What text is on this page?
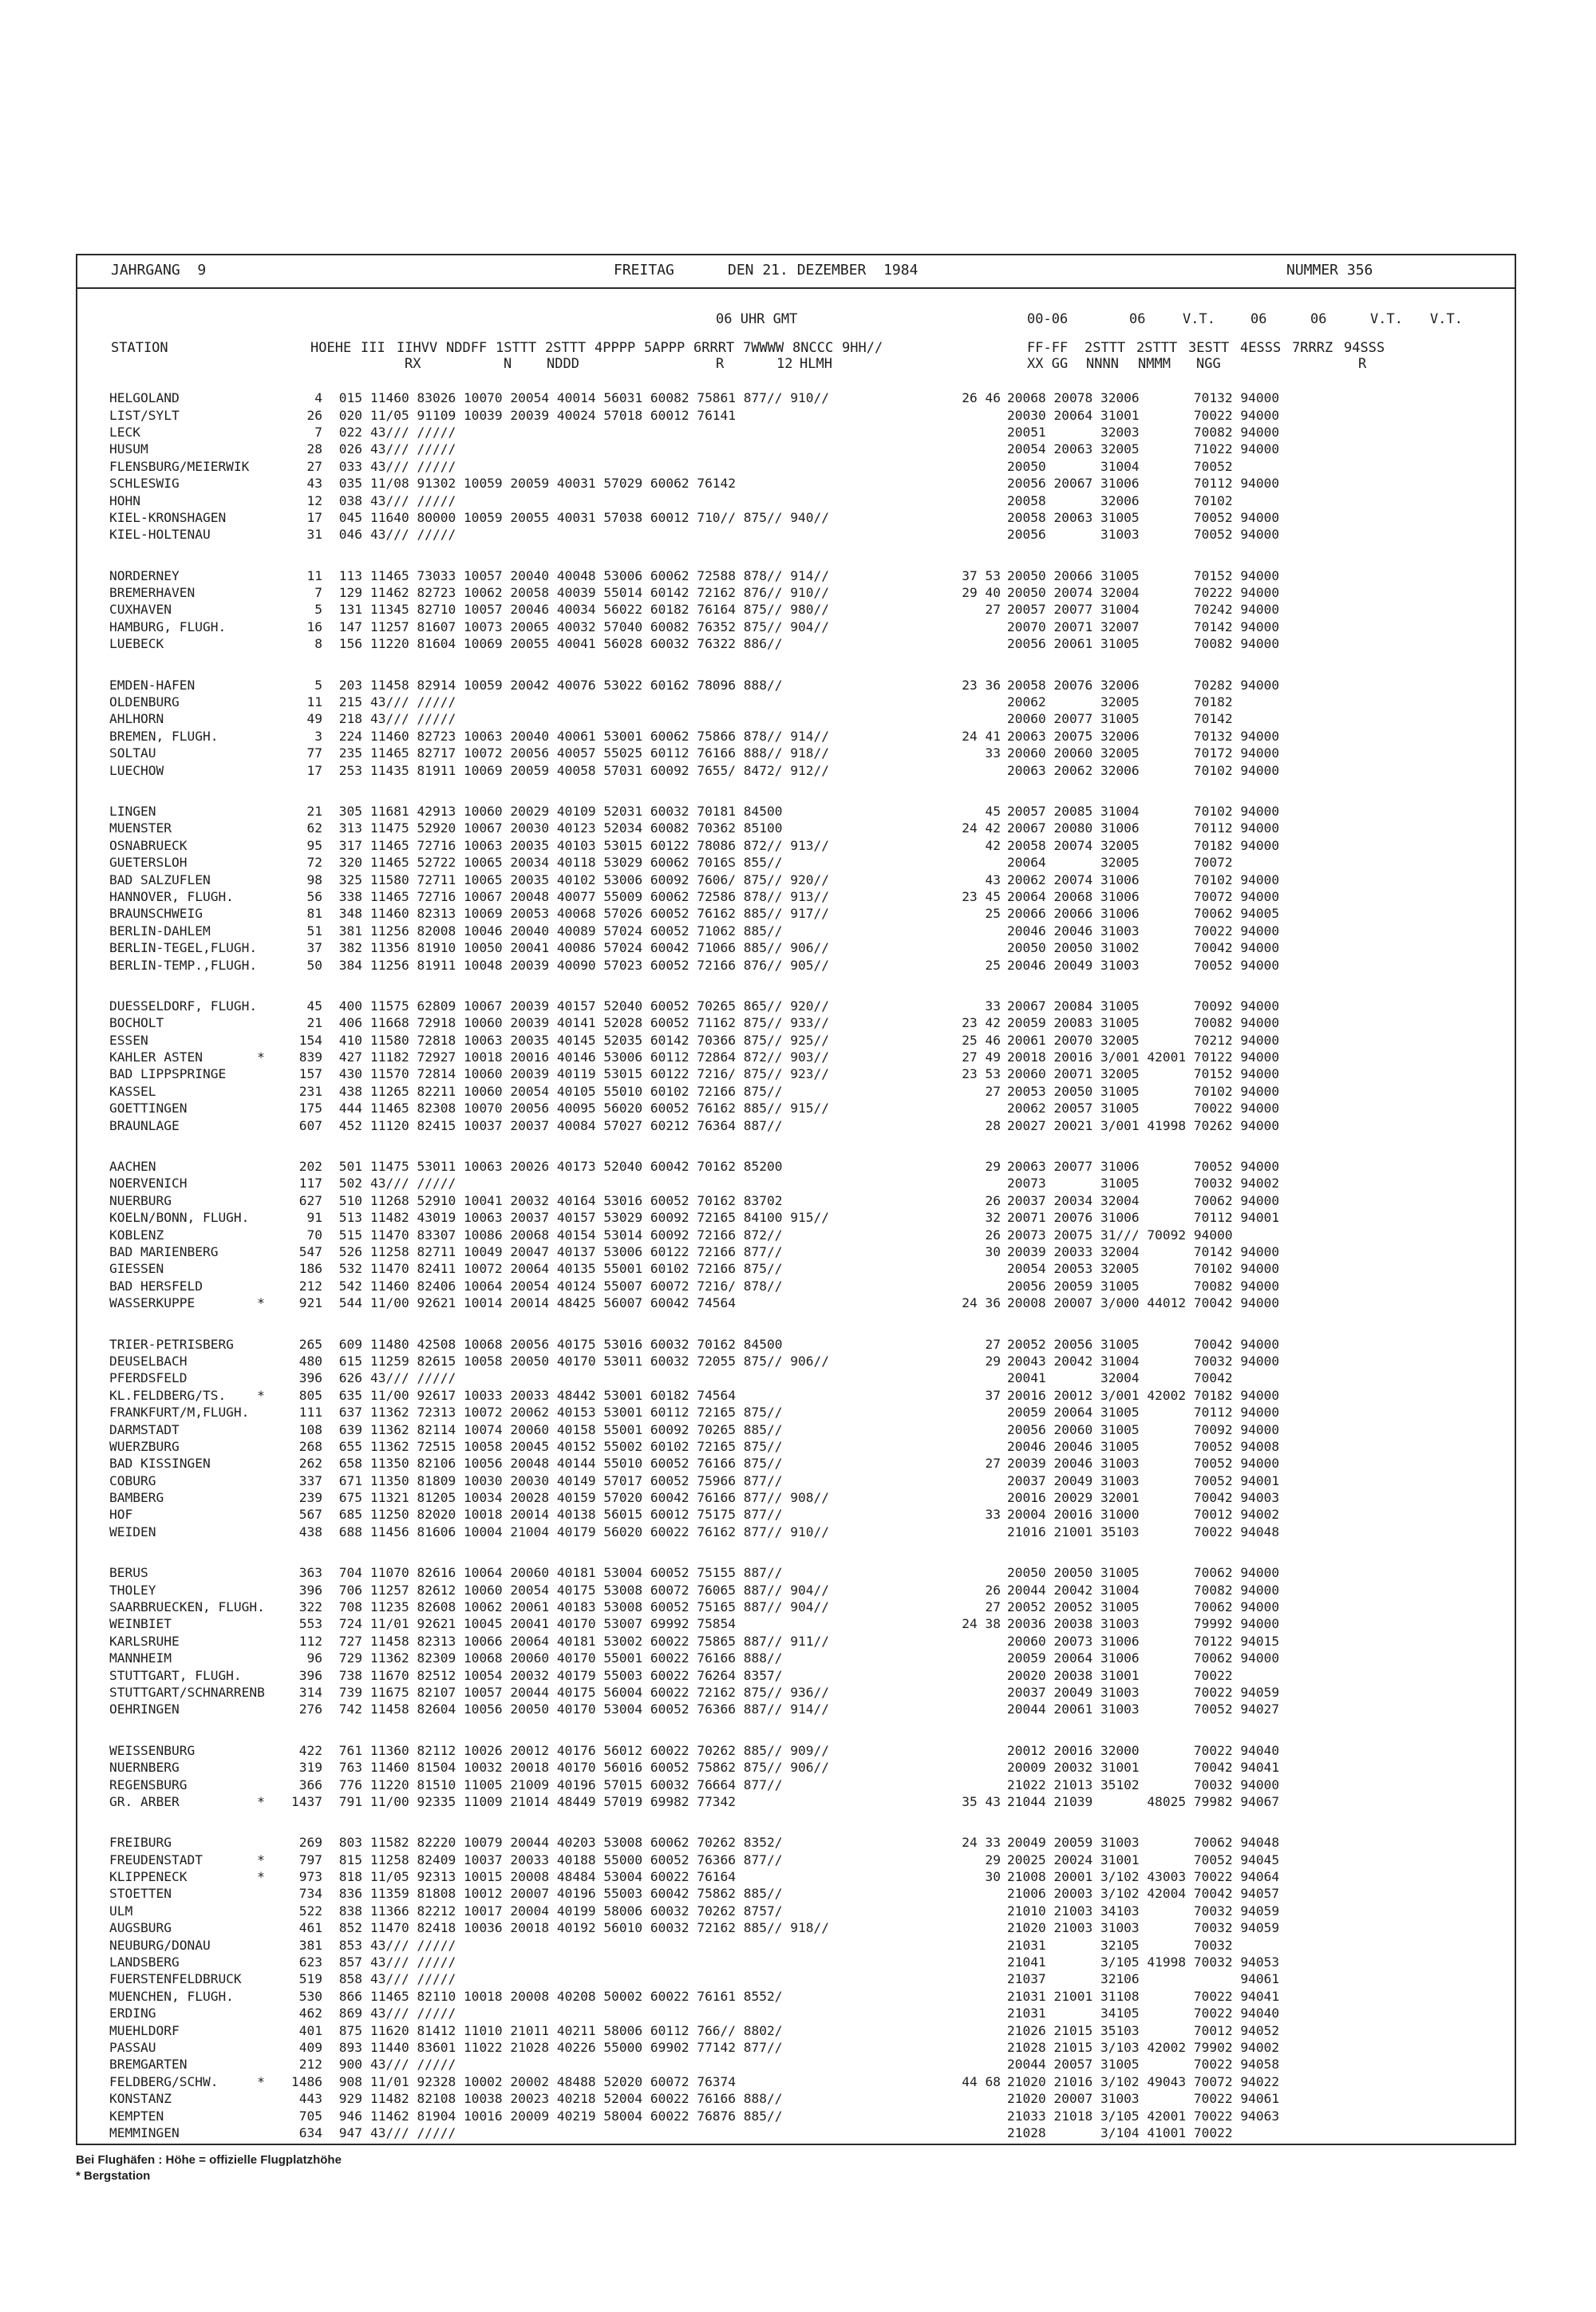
JAHRGANG  9

	FREITAG

	DEN 21. DEZEMBER  1984

	NUMMER 356

06 UHR GMT	00-06	06	V.T.	06	06	V.T. V.T.
STATION	HOEHE III IIHVV NDDFF 1STTT 2STTT 4PPPP 5APPP 6RRRT 7WWWW 8NCCC 9HH//	FF-FF 2STTT 2STTT 3ESTT 4ESSS 7RRRZ 94SSS
RX	N	NDDD	R	12 HLMH	XX GG NNNN NMMM NGG	R
HELGOLAND	4	015 11460 83026 10070 20054 40014 56031 60082 75861 877// 910//	26 46 20068 20078 32006       70132 94000
LIST/SYLT	26	020 11/05 91109 10039 20039 40024 57018 60012 76141	20030 20064 31001       70022 94000
LECK	7	022 43/// /////	20051       32003       70082 94000
HUSUM	28	026 43/// /////	20054 20063 32005       71022 94000
FLENSBURG/MEIERWIK	27	033 43/// /////	20050       31004       70052
SCHLESWIG	43	035 11/08 91302 10059 20059 40031 57029 60062 76142	20056 20067 31006       70112 94000
HOHN	12	038 43/// /////	20058       32006       70102
KIEL-KRONSHAGEN	17	045 11640 80000 10059 20055 40031 57038 60012 710// 875// 940//	20058 20063 31005       70052 94000
KIEL-HOLTENAU	31	046 43/// /////	20056       31003       70052 94000
NORDERNEY	11	113 11465 73033 10057 20040 40048 53006 60062 72588 878// 914//	37 53 20050 20066 31005       70152 94000
BREMERHAVEN	7	129 11462 82723 10062 20058 40039 55014 60142 72162 876// 910//	29 40 20050 20074 32004       70222 94000
CUXHAVEN	5	131 11345 82710 10057 20046 40034 56022 60182 76164 875// 980//	27 20057 20077 31004       70242 94000
HAMBURG, FLUGH.	16	147 11257 81607 10073 20065 40032 57040 60082 76352 875// 904//	20070 20071 32007       70142 94000
LUEBECK	8	156 11220 81604 10069 20055 40041 56028 60032 76322 886//	20056 20061 31005       70082 94000
EMDEN-HAFEN	5	203 11458 82914 10059 20042 40076 53022 60162 78096 888//	23 36 20058 20076 32006       70282 94000
OLDENBURG	11	215 43/// /////	20062       32005       70182
AHLHORN	49	218 43/// /////	20060 20077 31005       70142
BREMEN, FLUGH.	3	224 11460 82723 10063 20040 40061 53001 60062 75866 878// 914//	24 41 20063 20075 32006       70132 94000
SOLTAU	77	235 11465 82717 10072 20056 40057 55025 60112 76166 888// 918//	33 20060 20060 32005       70172 94000
LUECHOW	17	253 11435 81911 10069 20059 40058 57031 60092 7655/ 8472/ 912//	20063 20062 32006       70102 94000
LINGEN	21	305 11681 42913 10060 20029 40109 52031 60032 70181 84500	45 20057 20085 31004       70102 94000
MUENSTER	62	313 11475 52920 10067 20030 40123 52034 60082 70362 85100	24 42 20067 20080 31006       70112 94000
OSNABRUECK	95	317 11465 72716 10063 20035 40103 53015 60122 78086 872// 913//	42 20058 20074 32005       70182 94000
GUETERSLOH	72	320 11465 52722 10065 20034 40118 53029 60062 7016S 855//	20064       32005       70072
BAD SALZUFLEN	98	325 11580 72711 10065 20035 40102 53006 60092 7606/ 875// 920//	43 20062 20074 31006       70102 94000
HANNOVER, FLUGH.	56	338 11465 72716 10067 20048 40077 55009 60062 72586 878// 913//	23 45 20064 20068 31006       70072 94000
BRAUNSCHWEIG	81	348 11460 82313 10069 20053 40068 57026 60052 76162 885// 917//	25 20066 20066 31006       70062 94005
BERLIN-DAHLEM	51	381 11256 82008 10046 20040 40089 57024 60052 71062 885//	20046 20046 31003       70022 94000
BERLIN-TEGEL,FLUGH.	37	382 11356 81910 10050 20041 40086 57024 60042 71066 885// 906//	20050 20050 31002       70042 94000
BERLIN-TEMP.,FLUGH.	50	384 11256 81911 10048 20039 40090 57023 60052 72166 876// 905//	25 20046 20049 31003       70052 94000
DUESSELDORF, FLUGH.	45	400 11575 62809 10067 20039 40157 52040 60052 70265 865// 920//	33 20067 20084 31005       70092 94000
BOCHOLT	21	406 11668 72918 10060 20039 40141 52028 60052 71162 875// 933//	23 42 20059 20083 31005       70082 94000
ESSEN	154	410 11580 72818 10063 20035 40145 52035 60142 70366 875// 925//	25 46 20061 20070 32005       70212 94000
KAHLER ASTEN	*	839	427 11182 72927 10018 20016 40146 53006 60112 72864 872// 903//	27 49 20018 20016 3/001 42001 70122 94000
BAD LIPPSPRINGE	157	430 11570 72814 10060 20039 40119 53015 60122 7216/ 875// 923//	23 53 20060 20071 32005       70152 94000
KASSEL	231	438 11265 82211 10060 20054 40105 55010 60102 72166 875//	27 20053 20050 31005       70102 94000
GOETTINGEN	175	444 11465 82308 10070 20056 40095 56020 60052 76162 885// 915//	20062 20057 31005       70022 94000
BRAUNLAGE	607	452 11120 82415 10037 20037 40084 57027 60212 76364 887//	28 20027 20021 3/001 41998 70262 94000
AACHEN	202	501 11475 53011 10063 20026 40173 52040 60042 70162 85200	29 20063 20077 31006       70052 94000
NOERVENICH	117	502 43/// /////	20073       31005       70032 94002
NUERBURG	627	510 11268 52910 10041 20032 40164 53016 60052 70162 83702	26 20037 20034 32004       70062 94000
KOELN/BONN, FLUGH.	91	513 11482 43019 10063 20037 40157 53029 60092 72165 84100 915//	32 20071 20076 31006       70112 94001
KOBLENZ	70	515 11470 83307 10086 20068 40154 53014 60092 72166 872//	26 20073 20075 31/// 70092 94000
BAD MARIENBERG	547	526 11258 82711 10049 20047 40137 53006 60122 72166 877//	30 20039 20033 32004       70142 94000
GIESSEN	186	532 11470 82411 10072 20064 40135 55001 60102 72166 875//	20054 20053 32005       70102 94000
BAD HERSFELD	212	542 11460 82406 10064 20054 40124 55007 60072 7216/ 878//	20056 20059 31005       70082 94000
WASSERKUPPE	*	921	544 11/00 92621 10014 20014 48425 56007 60042 74564	24 36 20008 20007 3/000 44012 70042 94000
TRIER-PETRISBERG	265	609 11480 42508 10068 20056 40175 53016 60032 70162 84500	27 20052 20056 31005       70042 94000
DEUSELBACH	480	615 11259 82615 10058 20050 40170 53011 60032 72055 875// 906//	29 20043 20042 31004       70032 94000
PFERDSFELD	396	626 43/// /////	20041       32004       70042
KL.FELDBERG/TS.	*	805	635 11/00 92617 10033 20033 48442 53001 60182 74564	37 20016 20012 3/001 42002 70182 94000
FRANKFURT/M,FLUGH.	111	637 11362 72313 10072 20062 40153 53001 60112 72165 875//	20059 20064 31005       70112 94000
DARMSTADT	108	639 11362 82114 10074 20060 40158 55001 60092 70265 885//	20056 20060 31005       70092 94000
WUERZBURG	268	655 11362 72515 10058 20045 40152 55002 60102 72165 875//	20046 20046 31005       70052 94008
BAD KISSINGEN	262	658 11350 82106 10056 20048 40144 55010 60052 76166 875//	27 20039 20046 31003       70052 94000
COBURG	337	671 11350 81809 10030 20030 40149 57017 60052 75966 877//	20037 20049 31003       70052 94001
BAMBERG	239	675 11321 81205 10034 20028 40159 57020 60042 76166 877// 908//	20016 20029 32001       70042 94003
HOF	567	685 11250 82020 10018 20014 40138 56015 60012 75175 877//	33 20004 20016 31000       70012 94002
WEIDEN	438	688 11456 81606 10004 21004 40179 56020 60022 76162 877// 910//	21016 21001 35103       70022 94048
BERUS	363	704 11070 82616 10064 20060 40181 53004 60052 75155 887//	20050 20050 31005       70062 94000
THOLEY	396	706 11257 82612 10060 20054 40175 53008 60072 76065 887// 904//	26 20044 20042 31004       70082 94000
SAARBRUECKEN, FLUGH.	322	708 11235 82608 10062 20061 40183 53008 60052 75165 887// 904//	27 20052 20052 31005       70062 94000
WEINBIET	553	724 11/01 92621 10045 20041 40170 53007 69992 75854	24 38 20036 20038 31003       79992 94000
KARLSRUHE	112	727 11458 82313 10066 20064 40181 53002 60022 75865 887// 911//	20060 20073 31006       70122 94015
MANNHEIM	96	729 11362 82309 10068 20060 40170 55001 60022 76166 888//	20059 20064 31006       70062 94000
STUTTGART, FLUGH.	396	738 11670 82512 10054 20032 40179 55003 60022 76264 8357/	20020 20038 31001       70022
STUTTGART/SCHNARRENB	314	739 11675 82107 10057 20044 40175 56004 60022 72162 875// 936//	20037 20049 31003       70022 94059
OEHRINGEN	276	742 11458 82604 10056 20050 40170 53004 60052 76366 887// 914//	20044 20061 31003       70052 94027
WEISSENBURG	422	761 11360 82112 10026 20012 40176 56012 60022 70262 885// 909//	20012 20016 32000       70022 94040
NUERNBERG	319	763 11460 81504 10032 20018 40170 56016 60052 75862 875// 906//	20009 20032 31001       70042 94041
REGENSBURG	366	776 11220 81510 11005 21009 40196 57015 60032 76664 877//	21022 21013 35102       70032 94000
GR. ARBER	*	1437	791 11/00 92335 11009 21014 48449 57019 69982 77342	35 43 21044 21039       48025 79982 94067
FREIBURG	269	803 11582 82220 10079 20044 40203 53008 60062 70262 8352/	24 33 20049 20059 31003       70062 94048
FREUDENSTADT	*	797	815 11258 82409 10037 20033 40188 55000 60052 76366 877//	29 20025 20024 31001       70052 94045
KLIPPENECK	*	973	818 11/05 92313 10015 20008 48484 53004 60022 76164	30 21008 20001 3/102 43003 70022 94064
STOETTEN	734	836 11359 81808 10012 20007 40196 55003 60042 75862 885//	21006 20003 3/102 42004 70042 94057
ULM	522	838 11366 82212 10017 20004 40199 58006 60032 70262 8757/	21010 21003 34103       70032 94059
AUGSBURG	461	852 11470 82418 10036 20018 40192 56010 60032 72162 885// 918//	21020 21003 31003       70032 94059
NEUBURG/DONAU	381	853 43/// /////	21031       32105       70032
LANDSBERG	623	857 43/// /////	21041       3/105 41998 70032 94053
FUERSTENFELDBRUCK	519	858 43/// /////	21037       32106             94061
MUENCHEN, FLUGH.	530	866 11465 82110 10018 20008 40208 50002 60022 76161 8552/	21031 21001 31108       70022 94041
ERDING	462	869 43/// /////	21031       34105       70022 94040
MUEHLDORF	401	875 11620 81412 11010 21011 40211 58006 60112 766// 8802/	21026 21015 35103       70012 94052
PASSAU	409	893 11440 83601 11022 21028 40226 55000 69902 77142 877//	21028 21015 3/103 42002 79902 94002
BREMGARTEN	212	900 43/// /////	20044 20057 31005       70022 94058
FELDBERG/SCHW.	*	1486	908 11/01 92328 10002 20002 48488 52020 60072 76374	44 68 21020 21016 3/102 49043 70072 94022
KONSTANZ	443	929 11482 82108 10038 20023 40218 52004 60022 76166 888//	21020 20007 31003       70022 94061
KEMPTEN	705	946 11462 81904 10016 20009 40219 58004 60022 76876 885//	21033 21018 3/105 42001 70022 94063
MEMMINGEN	634	947 43/// /////	21028       3/104 41001 70022
Bei Flughäfen : Höhe = offizielle Flugplatzhöhe
* Bergstation
